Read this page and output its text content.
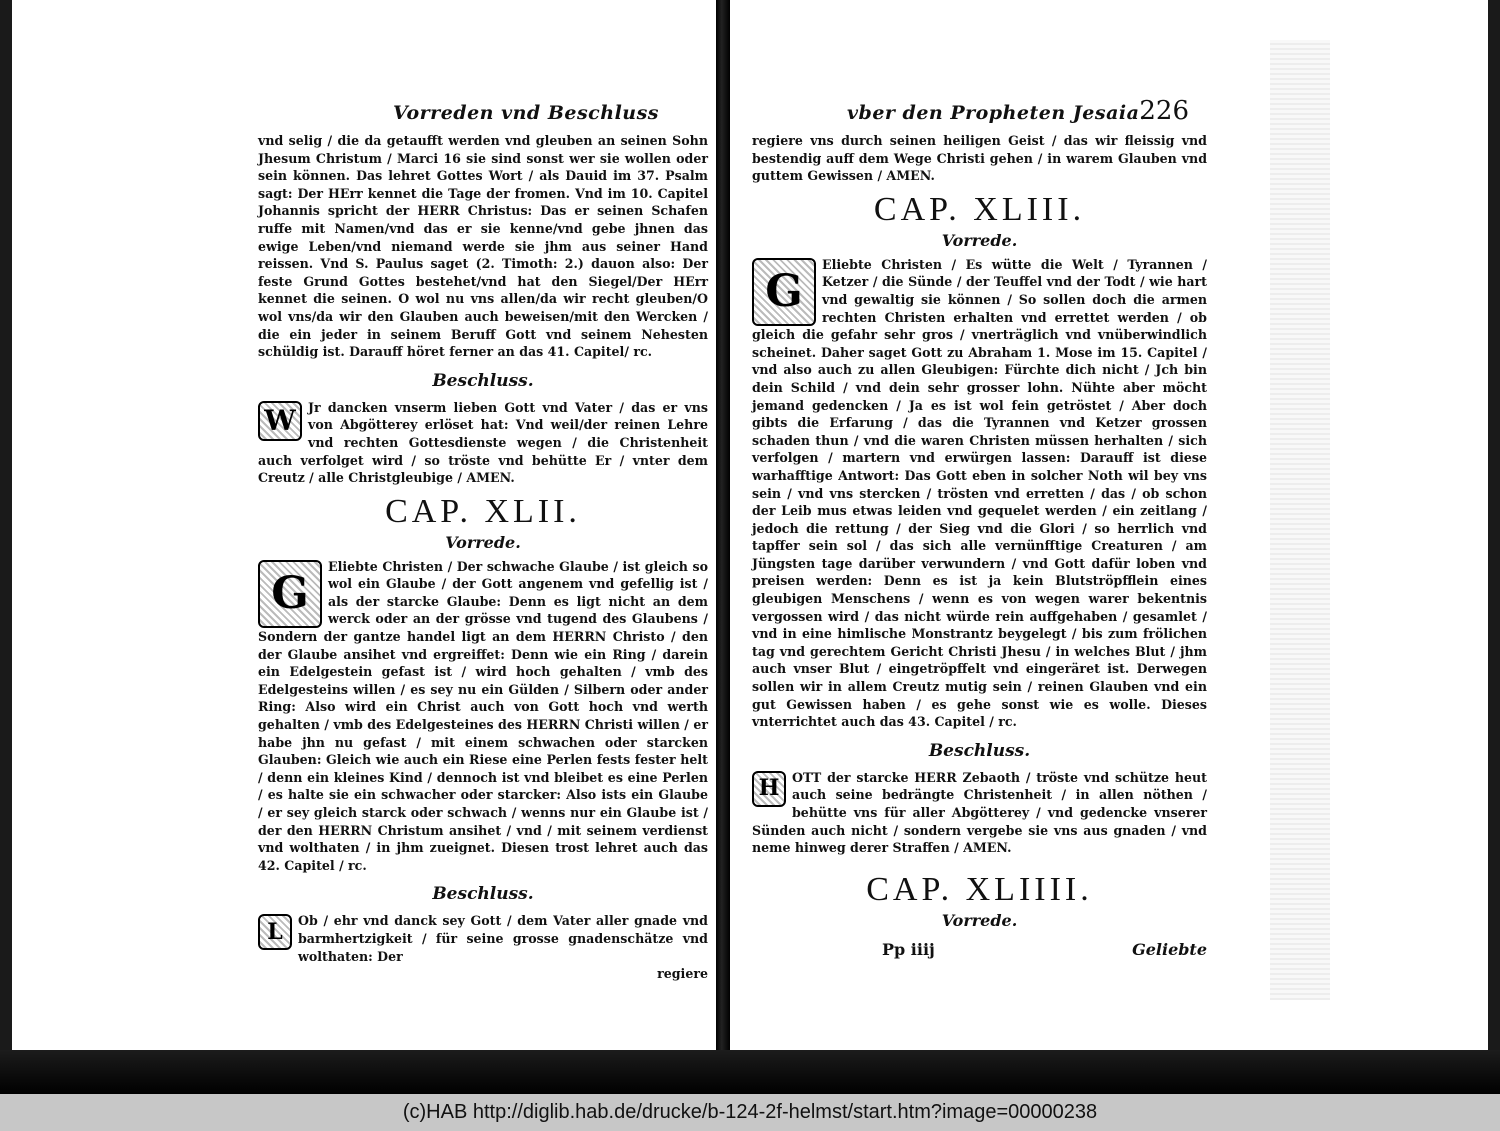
Vorreden vnd Beschluss

vnd selig / die da getaufft werden vnd gleuben an seinen Sohn Jhesum Christum / Marci 16 sie sind sonst wer sie wollen oder sein können. Das lehret Gottes Wort / als Dauid im 37. Psalm sagt: Der HErr kennet die Tage der fromen. Vnd im 10. Capitel Johannis spricht der HERR Christus: Das er seinen Schafen ruffe mit Namen/vnd das er sie kenne/vnd gebe jhnen das ewige Leben/vnd niemand werde sie jhm aus seiner Hand reissen. Vnd S. Paulus saget (2. Timoth: 2.) dauon also: Der feste Grund Gottes bestehet/vnd hat den Siegel/Der HErr kennet die seinen. O wol nu vns allen/da wir recht gleuben/O wol vns/da wir den Glauben auch beweisen/mit den Wercken / die ein jeder in seinem Beruff Gott vnd seinem Nehesten schüldig ist. Darauff höret ferner an das 41. Capitel/ rc.

Beschluss.
W Jr dancken vnserm lieben Gott vnd Vater / das er vns von Abgötterey erlöset hat: Vnd weil/der reinen Lehre vnd rechten Gottesdienste wegen / die Christenheit auch verfolget wird / so tröste vnd behütte Er / vnter dem Creutz / alle Christgleubige / AMEN.

CAP. XLII.
Vorrede.
G

Eliebte Christen / Der schwache Glaube / ist gleich so wol ein Glaube / der Gott angenem vnd gefellig ist / als der starcke Glaube: Denn es ligt nicht an dem werck oder an der grösse vnd tugend des Glaubens / Sondern der gantze handel ligt an dem HERRN Christo / den der Glaube ansihet vnd ergreiffet: Denn wie ein Ring / darein ein Edelgestein gefast ist / wird hoch gehalten / vmb des Edelgesteins willen / es sey nu ein Gülden / Silbern oder ander Ring: Also wird ein Christ auch von Gott hoch vnd werth gehalten / vmb des Edelgesteines des HERRN Christi willen / er habe jhn nu gefast / mit einem schwachen oder starcken Glauben: Gleich wie auch ein Riese eine Perlen fests fester helt / denn ein kleines Kind / dennoch ist vnd bleibet es eine Perlen / es halte sie ein schwacher oder starcker: Also ists ein Glaube / er sey gleich starck oder schwach / wenns nur ein Glaube ist / der den HERRN Christum ansihet / vnd / mit seinem verdienst vnd wolthaten / in jhm zueignet. Diesen trost lehret auch das 42. Capitel / rc.

Beschluss.
L	Ob / ehr vnd danck sey Gott / dem Vater aller gnade vnd barmhertzigkeit / für seine grosse gnadenschätze vnd wolthaten: Der

regiere
vber den Propheten Jesaia.
226

regiere vns durch seinen heiligen Geist / das wir fleissig vnd bestendig auff dem Wege Christi gehen / in warem Glauben vnd guttem Gewissen / AMEN.

CAP. XLIII.
Vorrede.
G

Eliebte Christen / Es wütte die Welt / Tyrannen / Ketzer / die Sünde / der Teuffel vnd der Todt / wie hart vnd gewaltig sie können / So sollen doch die armen rechten Christen erhalten vnd errettet werden / ob gleich die gefahr sehr gros / vnerträglich vnd vnüberwindlich scheinet. Daher saget Gott zu Abraham 1. Mose im 15. Capitel / vnd also auch zu allen Gleubigen: Fürchte dich nicht / Jch bin dein Schild / vnd dein sehr grosser lohn. Nühte aber möcht jemand gedencken / Ja es ist wol fein getröstet / Aber doch gibts die Erfarung / das die Tyrannen vnd Ketzer grossen schaden thun / vnd die waren Christen müssen herhalten / sich verfolgen / martern vnd erwürgen lassen: Darauff ist diese warhafftige Antwort: Das Gott eben in solcher Noth wil bey vns sein / vnd vns stercken / trösten vnd erretten / das / ob schon der Leib mus etwas leiden vnd gequelet werden / ein zeitlang / jedoch die rettung / der Sieg vnd die Glori / so herrlich vnd tapffer sein sol / das sich alle vernünfftige Creaturen / am Jüngsten tage darüber verwundern / vnd Gott dafür loben vnd preisen werden: Denn es ist ja kein Blutströpfflein eines gleubigen Menschens / wenn es von wegen warer bekentnis vergossen wird / das nicht würde rein auffgehaben / gesamlet / vnd in eine himlische Monstrantz beygelegt / bis zum frölichen tag vnd gerechtem Gericht Christi Jhesu / in welches Blut / jhm auch vnser Blut / eingetröpffelt vnd eingeräret ist. Derwegen sollen wir in allem Creutz mutig sein / reinen Glauben vnd ein gut Gewissen haben / es gehe sonst wie es wolle. Dieses vnterrichtet auch das 43. Capitel / rc.

Beschluss.
H	OTT der starcke HERR Zebaoth / tröste vnd schütze heut auch seine bedrängte Christenheit / in allen nöthen / behütte vns für aller Abgötterey / vnd gedencke vnserer Sünden auch nicht / sondern vergebe sie vns aus gnaden / vnd neme hinweg derer Straffen / AMEN.

CAP. XLIIII.
Vorrede.
Pp iiij	Geliebte
(c)HAB http://diglib.hab.de/drucke/b-124-2f-helmst/start.htm?image=00000238
